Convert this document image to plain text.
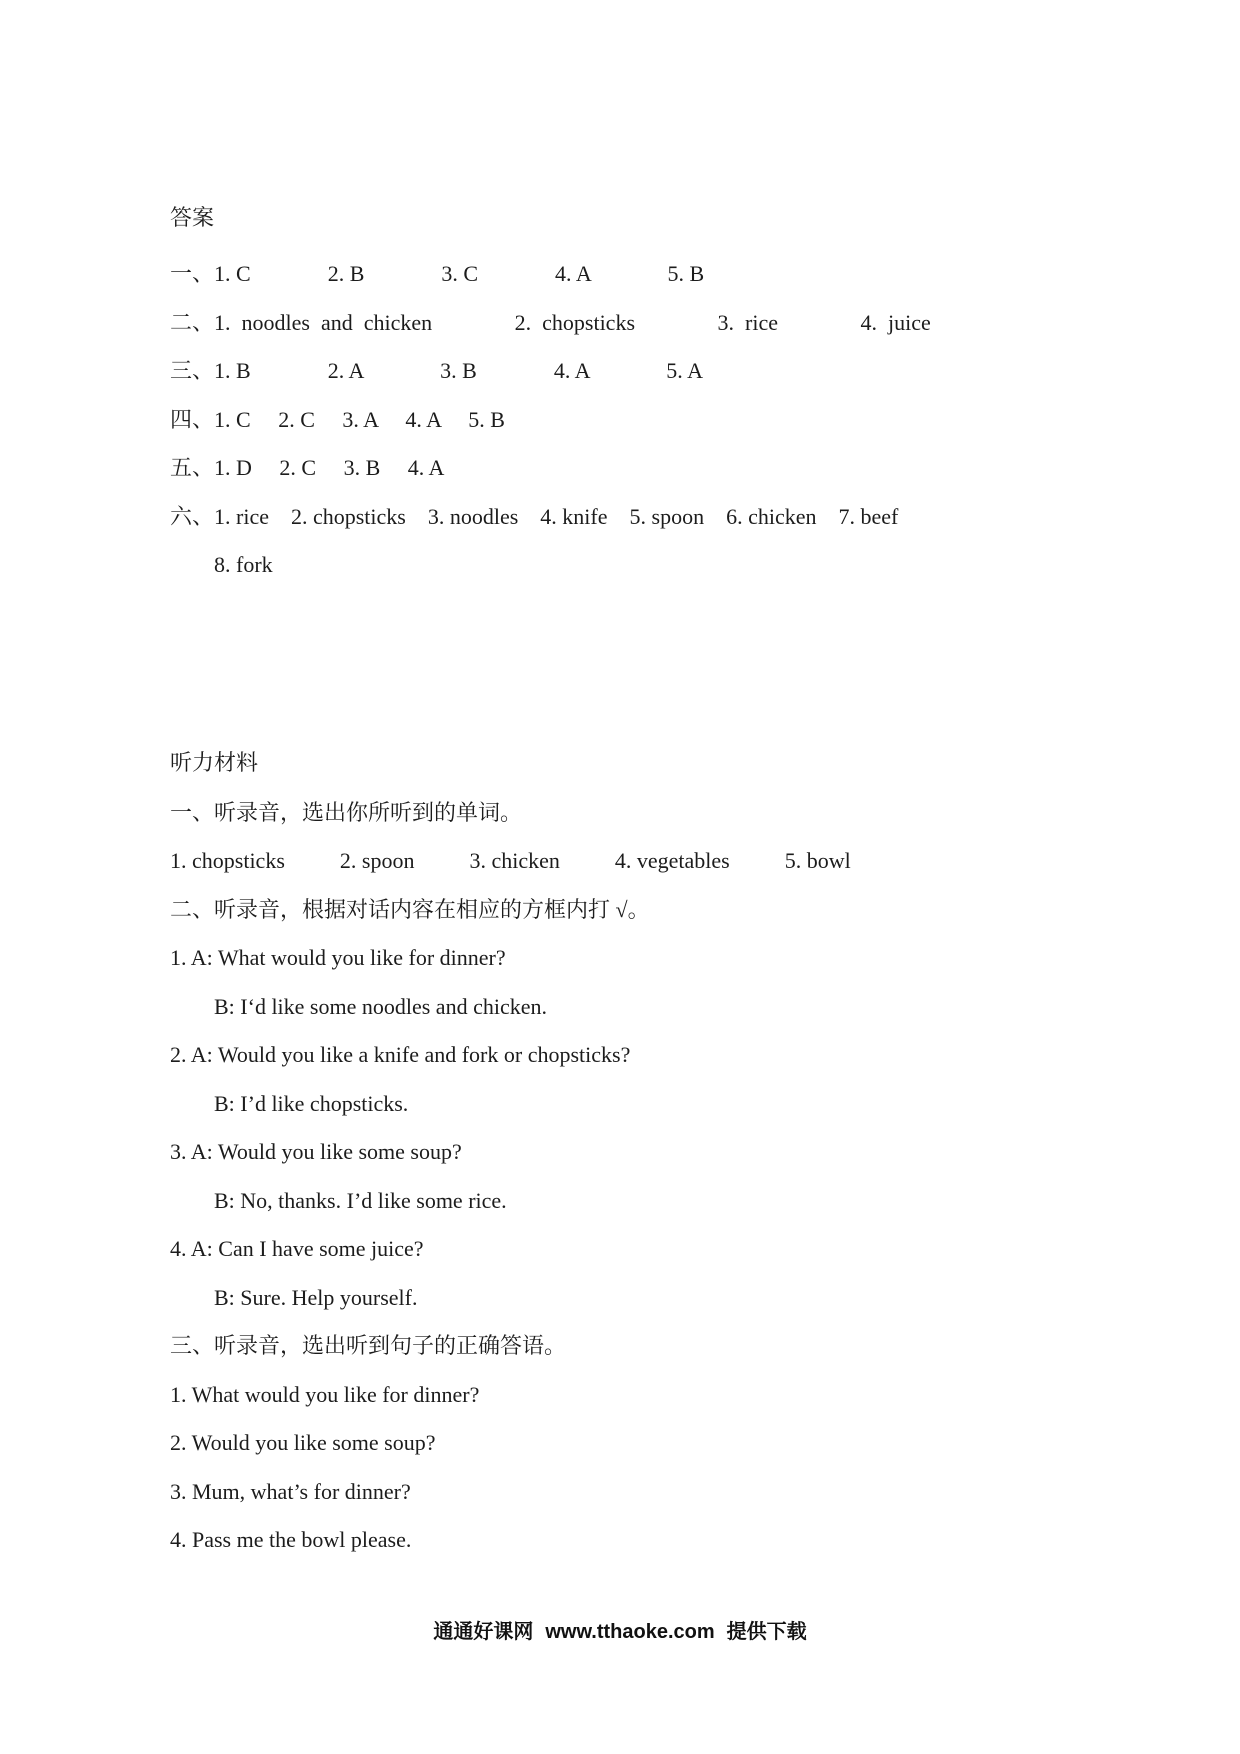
答案
一、1. C              2. B              3. C              4. A              5. B
二、1.  noodles  and  chicken               2.  chopsticks               3.  rice               4.  juice
三、1. B              2. A              3. B              4. A              5. A
四、1. C     2. C     3. A     4. A     5. B
五、1. D     2. C     3. B     4. A
六、1. rice    2. chopsticks    3. noodles    4. knife    5. spoon    6. chicken    7. beef
8. fork
听力材料
一、听录音，选出你所听到的单词。
1. chopsticks          2. spoon          3. chicken          4. vegetables          5. bowl
二、听录音，根据对话内容在相应的方框内打 √。
1. A: What would you like for dinner?
B: I‘d like some noodles and chicken.
2. A: Would you like a knife and fork or chopsticks?
B: I’d like chopsticks.
3. A: Would you like some soup?
B: No, thanks. I’d like some rice.
4. A: Can I have some juice?
B: Sure. Help yourself.
三、听录音，选出听到句子的正确答语。
1. What would you like for dinner?
2. Would you like some soup?
3. Mum, what’s for dinner?
4. Pass me the bowl please.
通通好课网 www.tthaoke.com 提供下载
